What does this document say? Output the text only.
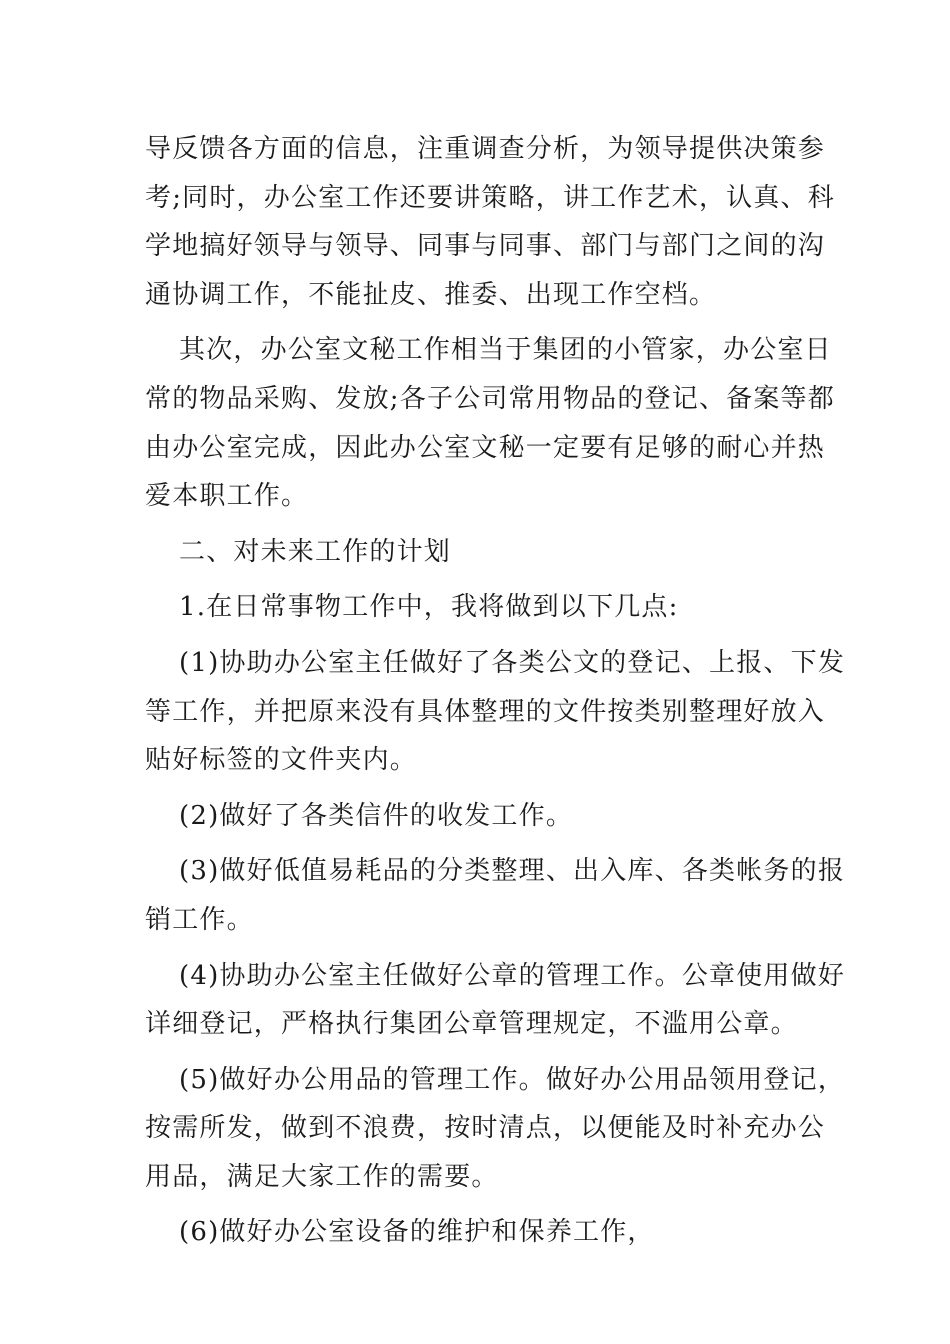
导反馈各方面的信息，注重调查分析，为领导提供决策参
考;同时，办公室工作还要讲策略，讲工作艺术，认真、科
学地搞好领导与领导、同事与同事、部门与部门之间的沟
通协调工作，不能扯皮、推委、出现工作空档。

其次，办公室文秘工作相当于集团的小管家，办公室日
常的物品采购、发放;各子公司常用物品的登记、备案等都
由办公室完成，因此办公室文秘一定要有足够的耐心并热
爱本职工作。

二、对未来工作的计划

1.在日常事物工作中，我将做到以下几点:

(1)协助办公室主任做好了各类公文的登记、上报、下发
等工作，并把原来没有具体整理的文件按类别整理好放入
贴好标签的文件夹内。

(2)做好了各类信件的收发工作。

(3)做好低值易耗品的分类整理、出入库、各类帐务的报
销工作。

(4)协助办公室主任做好公章的管理工作。公章使用做好
详细登记，严格执行集团公章管理规定，不滥用公章。

(5)做好办公用品的管理工作。做好办公用品领用登记，
按需所发，做到不浪费，按时清点，以便能及时补充办公
用品，满足大家工作的需要。

(6)做好办公室设备的维护和保养工作，
